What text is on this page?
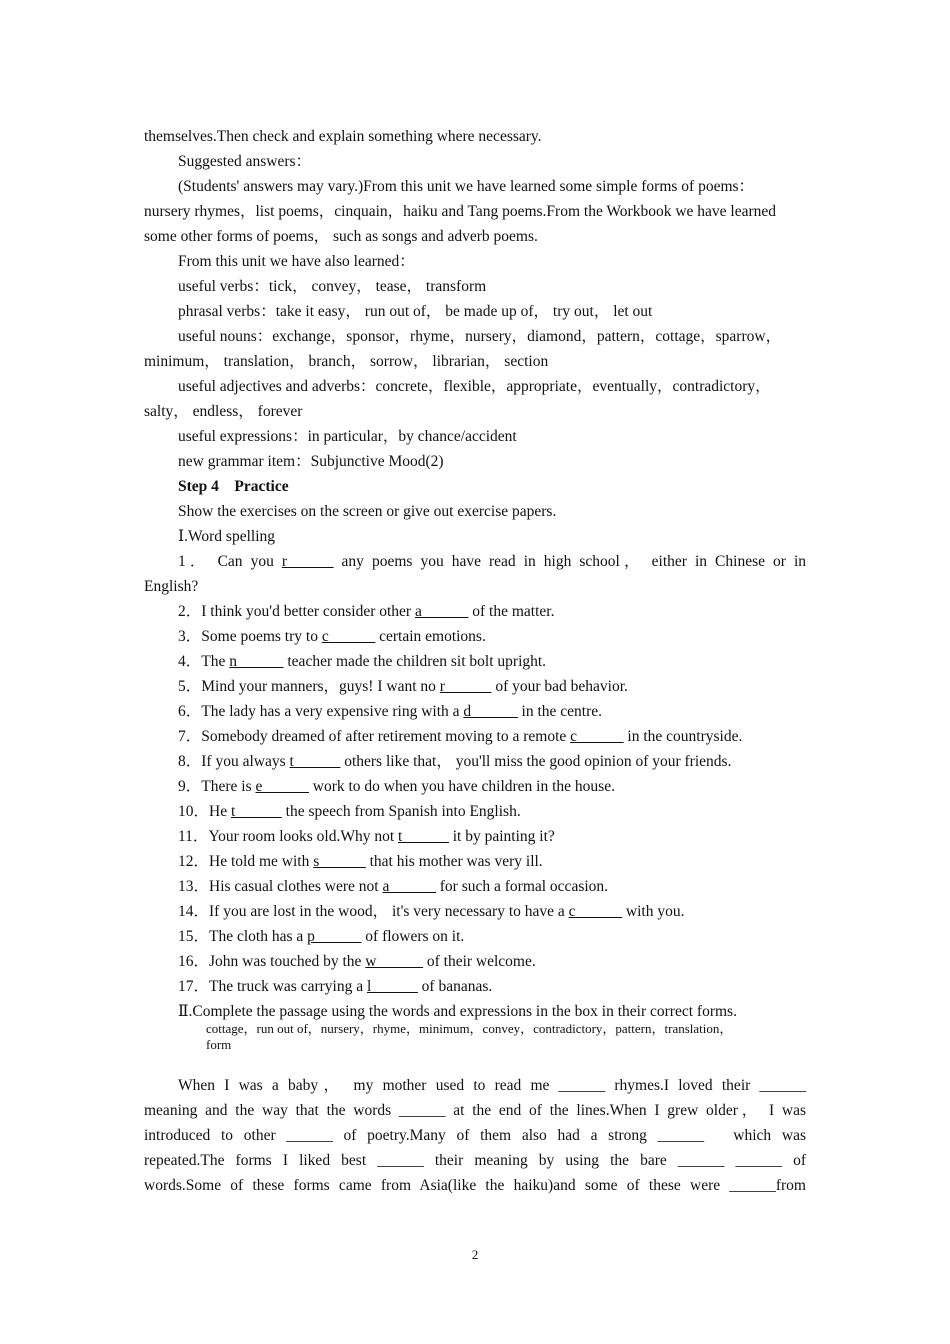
themselves.Then check and explain something where necessary.
Suggested answers：
(Students' answers may vary.)From this unit we have learned some simple forms of poems：
nursery rhymes，list poems，cinquain，haiku and Tang poems.From the Workbook we have learned
some other forms of poems， such as songs and adverb poems.
From this unit we have also learned：
useful verbs：tick， convey， tease， transform
phrasal verbs：take it easy， run out of， be made up of， try out， let out
useful nouns：exchange，sponsor，rhyme，nursery，diamond，pattern，cottage，sparrow，
minimum， translation， branch， sorrow， librarian， section
useful adjectives and adverbs：concrete，flexible，appropriate，eventually，contradictory，
salty， endless， forever
useful expressions：in particular，by chance/accident
new grammar item：Subjunctive Mood(2)
Step 4　Practice
Show the exercises on the screen or give out exercise papers.
Ⅰ.Word spelling
1． Can you r______ any poems you have read in high school， either in Chinese or in
English?
2．I think you'd better consider other a______ of the matter.
3．Some poems try to c______ certain emotions.
4．The n______ teacher made the children sit bolt upright.
5．Mind your manners，guys! I want no r______ of your bad behavior.
6．The lady has a very expensive ring with a d______ in the centre.
7．Somebody dreamed of after retirement moving to a remote c______ in the countryside.
8．If you always t______ others like that， you'll miss the good opinion of your friends.
9．There is e______ work to do when you have children in the house.
10．He t______ the speech from Spanish into English.
11．Your room looks old.Why not t______ it by painting it?
12．He told me with s______ that his mother was very ill.
13．His casual clothes were not a______ for such a formal occasion.
14．If you are lost in the wood， it's very necessary to have a c______ with you.
15．The cloth has a p______ of flowers on it.
16．John was touched by the w______ of their welcome.
17．The truck was carrying a l______ of bananas.
Ⅱ.Complete the passage using the words and expressions in the box in their correct forms.
cottage，run out of，nursery，rhyme，minimum，convey，contradictory，pattern，translation，
form
When I was a baby， my mother used to read me ______ rhymes.I loved their ______
meaning and the way that the words ______ at the end of the lines.When I grew older， I was
introduced to other ______ of poetry.Many of them also had a strong ______　which was
repeated.The forms I liked best ______ their meaning by using the bare ______ ______ of
words.Some of these forms came from Asia(like the haiku)and some of these were ______from
2
